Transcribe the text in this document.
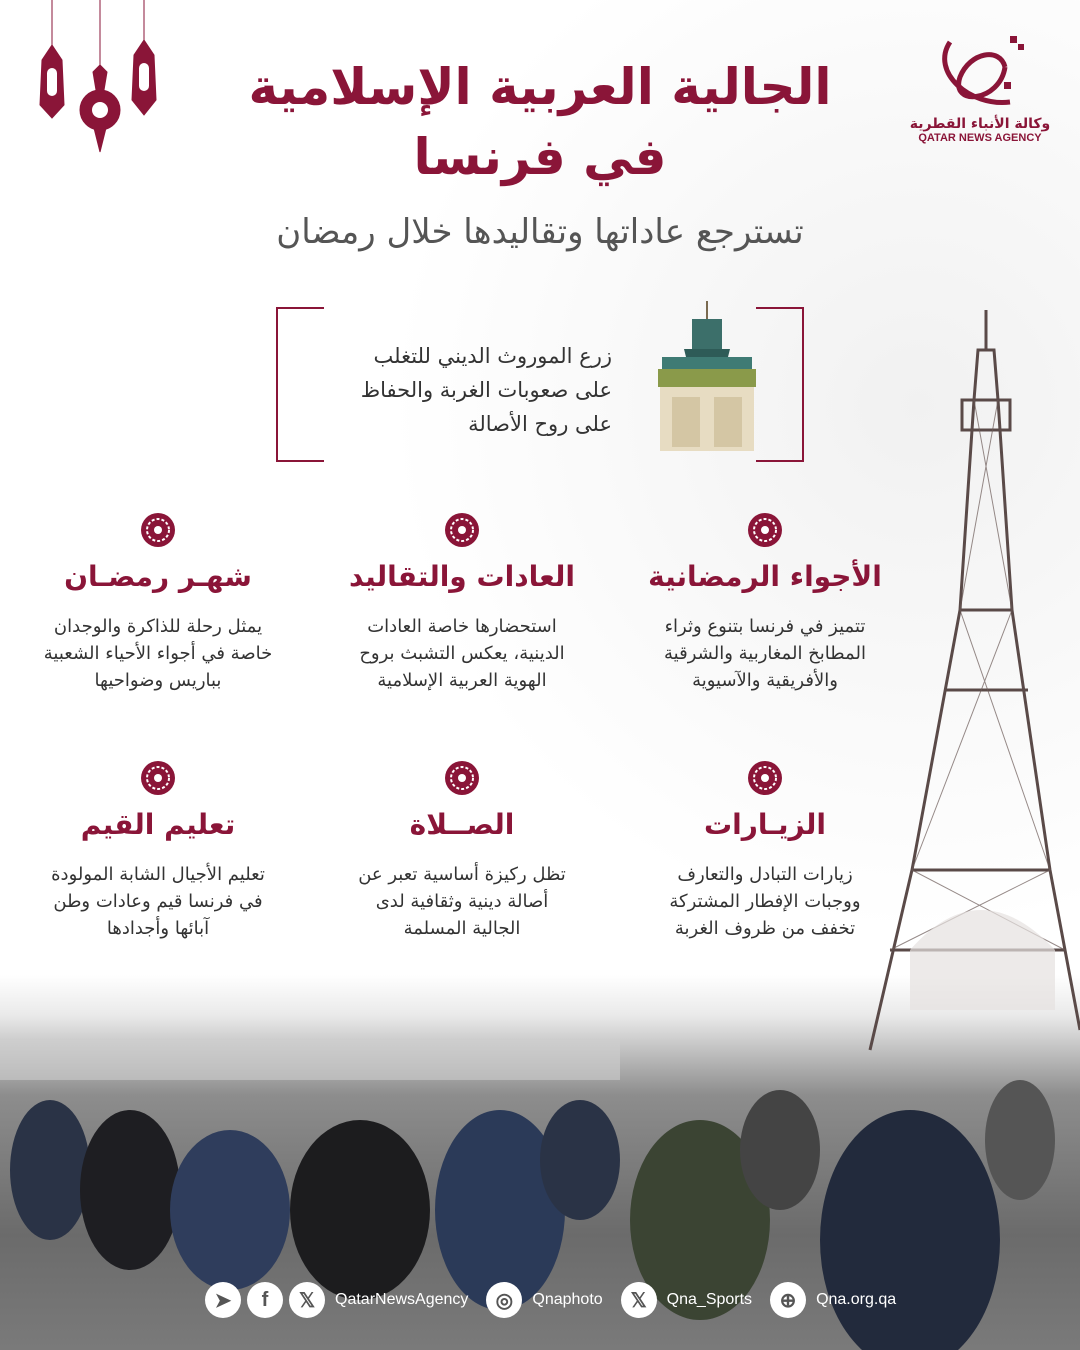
وكالة الأنباء القطرية
QATAR NEWS AGENCY
الجالية العربية الإسلامية
في فرنسا
تسترجع عاداتها وتقاليدها خلال رمضان
زرع الموروث الديني للتغلب
على صعوبات الغربة والحفاظ
على روح الأصالة
الأجواء الرمضانية

تتميز في فرنسا بتنوع وثراء
المطابخ المغاربية والشرقية
والأفريقية والآسيوية

العادات والتقاليد

استحضارها خاصة العادات
الدينية، يعكس التشبث بروح
الهوية العربية الإسلامية

شهـر رمضـان

يمثل رحلة للذاكرة والوجدان
خاصة في أجواء الأحياء الشعبية
بباريس وضواحيها

الزيـارات

زيارات التبادل والتعارف
ووجبات الإفطار المشتركة
تخفف من ظروف الغربة

الصــلاة

تظل ركيزة أساسية تعبر عن
أصالة دينية وثقافية لدى
الجالية المسلمة

تعليم القيم

تعليم الأجيال الشابة المولودة
في فرنسا قيم وعادات وطن
آبائها وأجدادها

➤	f	𝕏	QatarNewsAgency	◎	Qnaphoto	𝕏	Qna_Sports	⊕	Qna.org.qa
